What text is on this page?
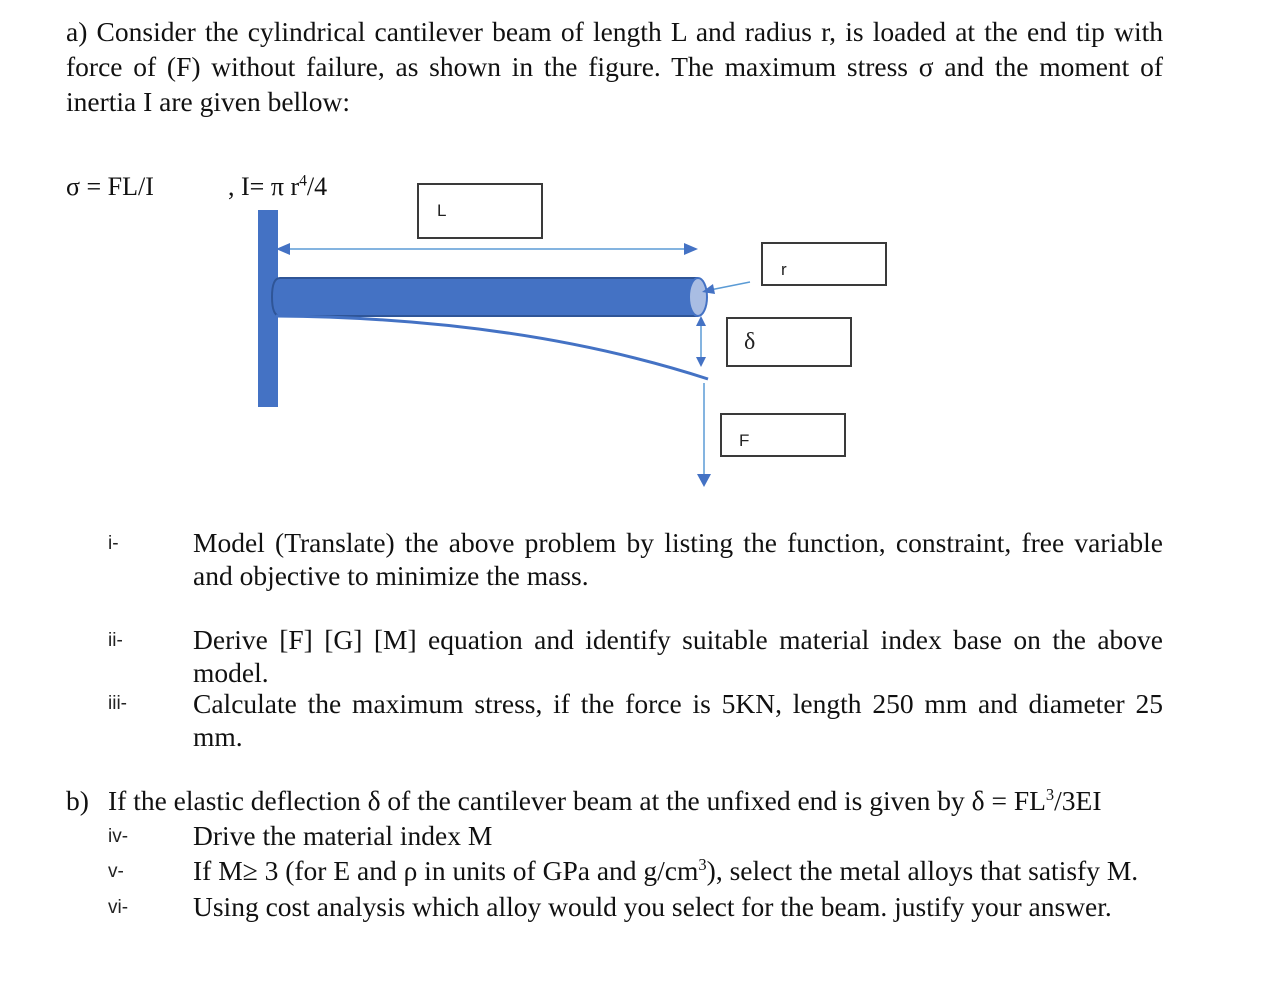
a) Consider the cylindrical cantilever beam of length L and radius r, is loaded at the end tip with force of (F) without failure, as shown in the figure. The maximum stress σ and the moment of inertia I are given bellow:
σ = FL/I	, I= π $r^4/4$
L
r
δ
F
i-	Model (Translate) the above problem by listing the function, constraint, free variable and objective to minimize the mass.
ii-	Derive [F] [G] [M] equation and identify suitable material index base on the above model.
iii- Calculate the maximum stress, if the force is 5KN, length 250 mm and diameter 25 mm.
b) If the elastic deflection δ of the cantilever beam at the unfixed end is given by $\delta = FL^3/3EI$
iv- Drive the material index M
v-	If M≥ 3 (for E and ρ in units of GPa and $g/cm^3$), select the metal alloys that satisfy M.
vi- Using cost analysis which alloy would you select for the beam. justify your answer.
